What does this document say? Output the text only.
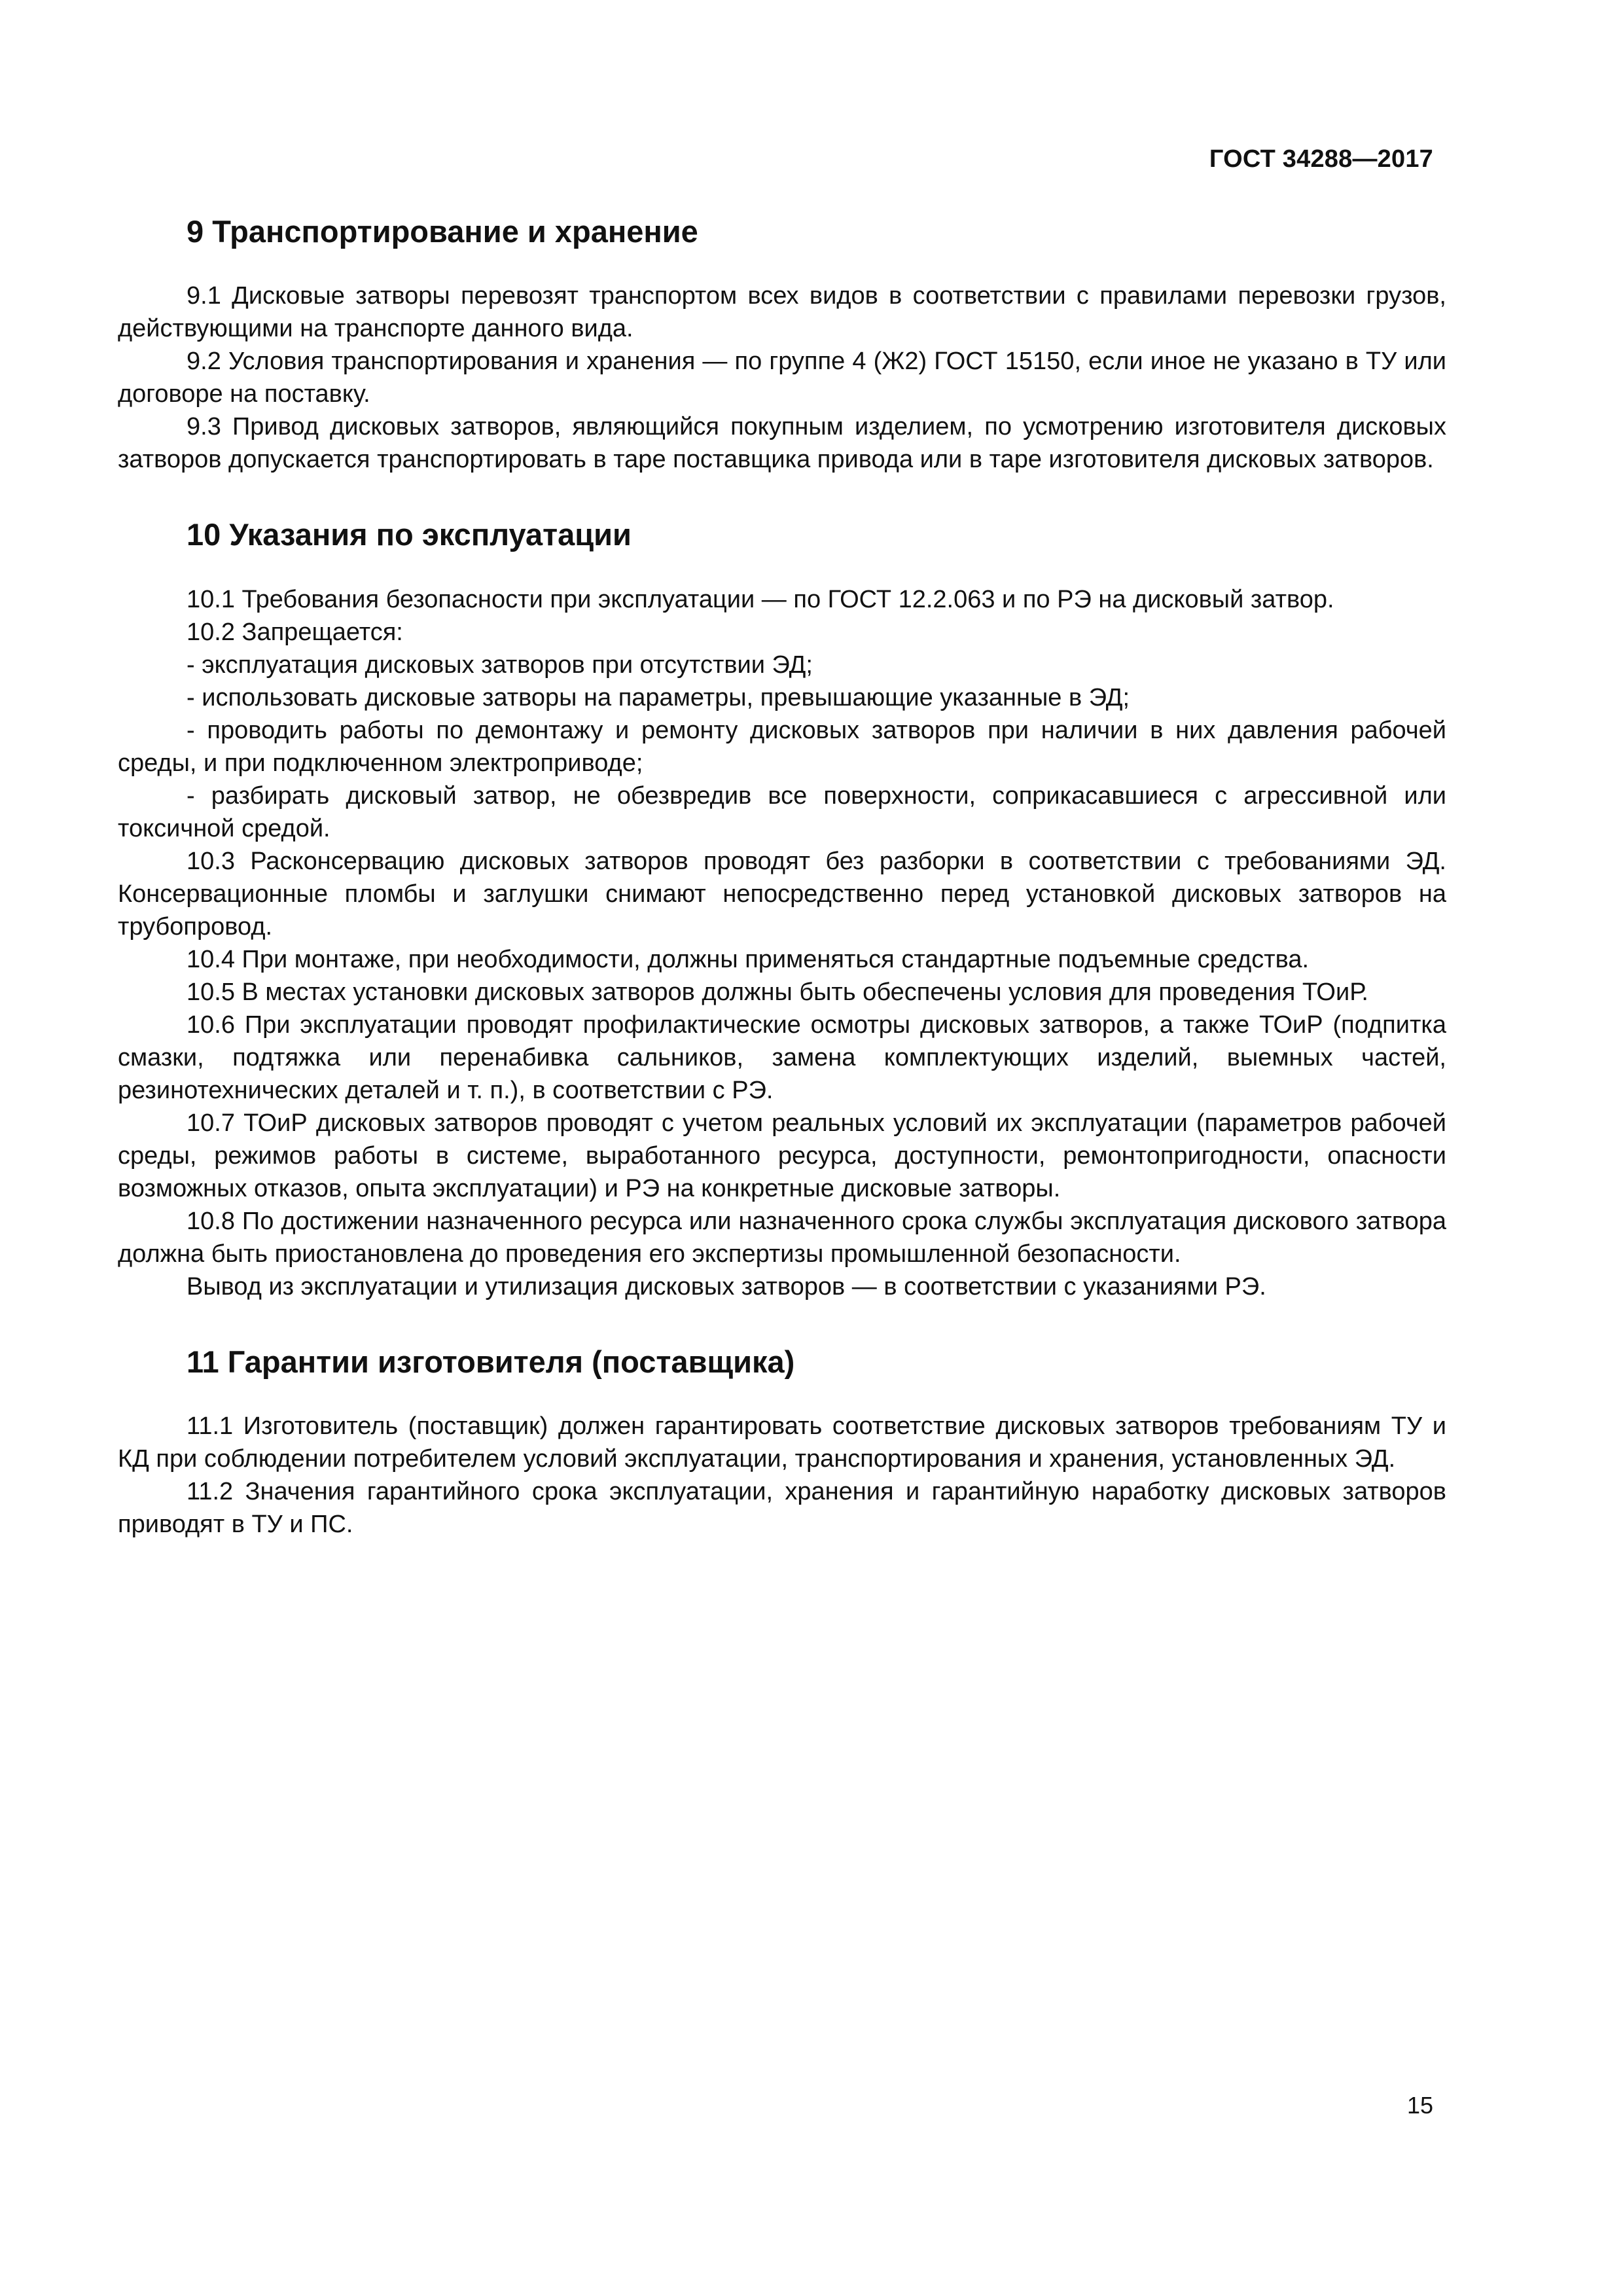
ГОСТ 34288—2017
9 Транспортирование и хранение

9.1 Дисковые затворы перевозят транспортом всех видов в соответствии с правилами перевозки грузов, действующими на транспорте данного вида.

9.2 Условия транспортирования и хранения — по группе 4 (Ж2) ГОСТ 15150, если иное не указано в ТУ или договоре на поставку.

9.3 Привод дисковых затворов, являющийся покупным изделием, по усмотрению изготовителя дисковых затворов допускается транспортировать в таре поставщика привода или в таре изготовителя дисковых затворов.

10 Указания по эксплуатации

10.1 Требования безопасности при эксплуатации — по ГОСТ 12.2.063 и по РЭ на дисковый затвор.

10.2 Запрещается:

- эксплуатация дисковых затворов при отсутствии ЭД;

- использовать дисковые затворы на параметры, превышающие указанные в ЭД;

- проводить работы по демонтажу и ремонту дисковых затворов при наличии в них давления рабочей среды, и при подключенном электроприводе;

- разбирать дисковый затвор, не обезвредив все поверхности, соприкасавшиеся с агрессивной или токсичной средой.

10.3 Расконсервацию дисковых затворов проводят без разборки в соответствии с требованиями ЭД. Консервационные пломбы и заглушки снимают непосредственно перед установкой дисковых затворов на трубопровод.

10.4 При монтаже, при необходимости, должны применяться стандартные подъемные средства.

10.5 В местах установки дисковых затворов должны быть обеспечены условия для проведения ТОиР.

10.6 При эксплуатации проводят профилактические осмотры дисковых затворов, а также ТОиР (подпитка смазки, подтяжка или перенабивка сальников, замена комплектующих изделий, выемных частей, резинотехнических деталей и т. п.), в соответствии с РЭ.

10.7 ТОиР дисковых затворов проводят с учетом реальных условий их эксплуатации (параметров рабочей среды, режимов работы в системе, выработанного ресурса, доступности, ремонтопригодности, опасности возможных отказов, опыта эксплуатации) и РЭ на конкретные дисковые затворы.

10.8 По достижении назначенного ресурса или назначенного срока службы эксплуатация дискового затвора должна быть приостановлена до проведения его экспертизы промышленной безопасности.

Вывод из эксплуатации и утилизация дисковых затворов — в соответствии с указаниями РЭ.

11 Гарантии изготовителя (поставщика)

11.1 Изготовитель (поставщик) должен гарантировать соответствие дисковых затворов требованиям ТУ и КД при соблюдении потребителем условий эксплуатации, транспортирования и хранения, установленных ЭД.

11.2 Значения гарантийного срока эксплуатации, хранения и гарантийную наработку дисковых затворов приводят в ТУ и ПС.

15
